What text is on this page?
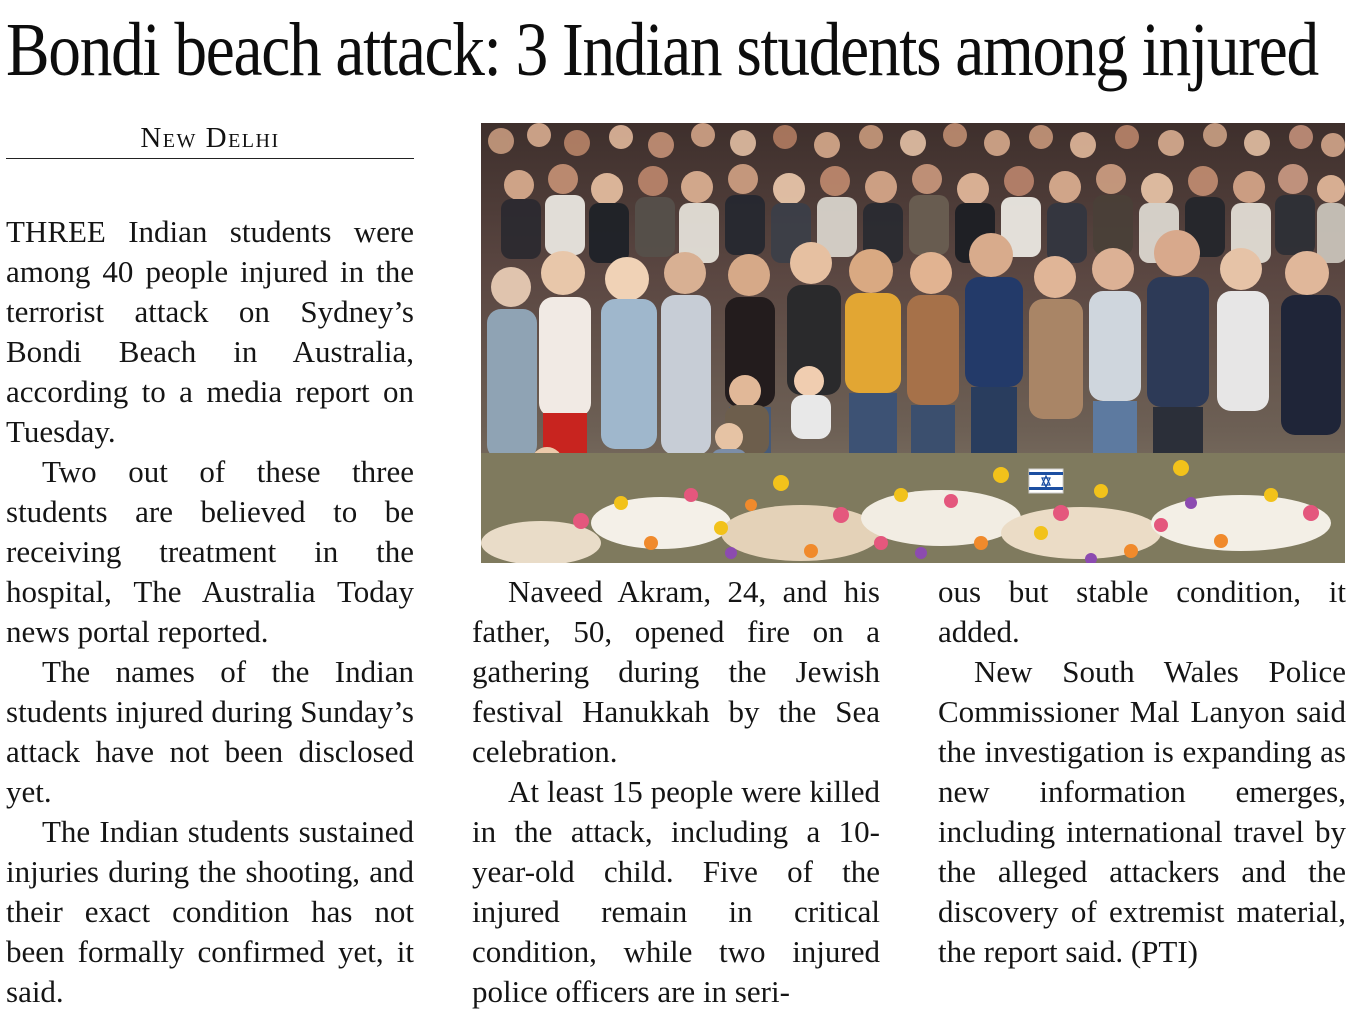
Bondi beach attack: 3 Indian students among injured
New Delhi

THREE Indian students were among 40 people injured in the terrorist attack on Sydney’s Bondi Beach in Australia, according to a media report on Tuesday.

Two out of these three students are believed to be receiving treatment in the hospital, The Australia Today news portal reported.

The names of the Indian students injured during Sunday’s attack have not been disclosed yet.

The Indian students sustained injuries during the shooting, and their exact condition has not been formally confirmed yet, it said.

Naveed Akram, 24, and his father, 50, opened fire on a gathering during the Jewish festival Hanukkah by the Sea celebration.

At least 15 people were killed in the attack, including a 10-year-old child. Five of the injured remain in critical condition, while two injured police officers are in seri-

ous but stable condition, it added.

New South Wales Police Commissioner Mal Lanyon said the investigation is expanding as new information emerges, including international travel by the alleged attackers and the discovery of extremist material, the report said. (PTI)
